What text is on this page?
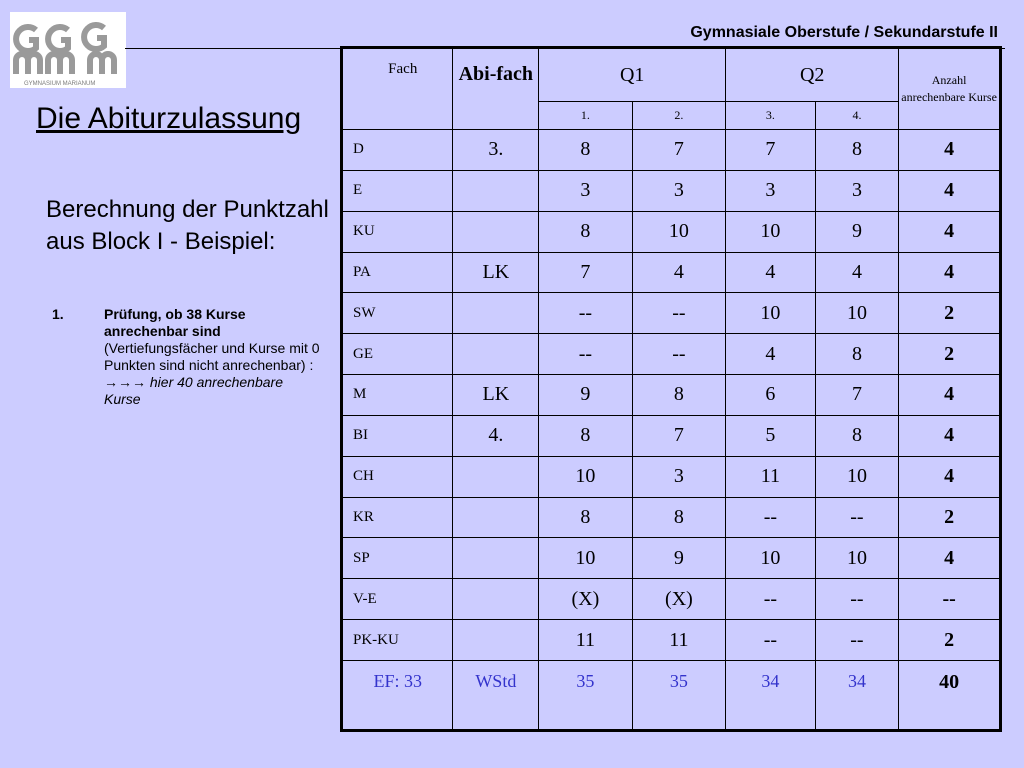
GYMNASIUM MARIANUM
Gymnasiale Oberstufe / Sekundarstufe II
Die Abiturzulassung
Berechnung der Punktzahl aus Block I - Beispiel:
1.	Prüfung, ob 38 Kurse anrechenbar sind
(Vertiefungsfächer und Kurse mit 0 Punkten sind nicht anrechenbar) :
→→→ hier 40 anrechenbare Kurse
Fach	Abi-fach	Q1		Q2		Anzahl anrechenbare Kurse
		1.	2.	3.	4.	
D	3.	8	7	7	8	4
E		3	3	3	3	4
KU		8	10	10	9	4
PA	LK	7	4	4	4	4
SW		--	--	10	10	2
GE		--	--	4	8	2
M	LK	9	8	6	7	4
BI	4.	8	7	5	8	4
CH		10	3	11	10	4
KR		8	8	--	--	2
SP		10	9	10	10	4
V-E		(X)	(X)	--	--	--
PK-KU		11	11	--	--	2
EF: 33	WStd	35	35	34	34	40
